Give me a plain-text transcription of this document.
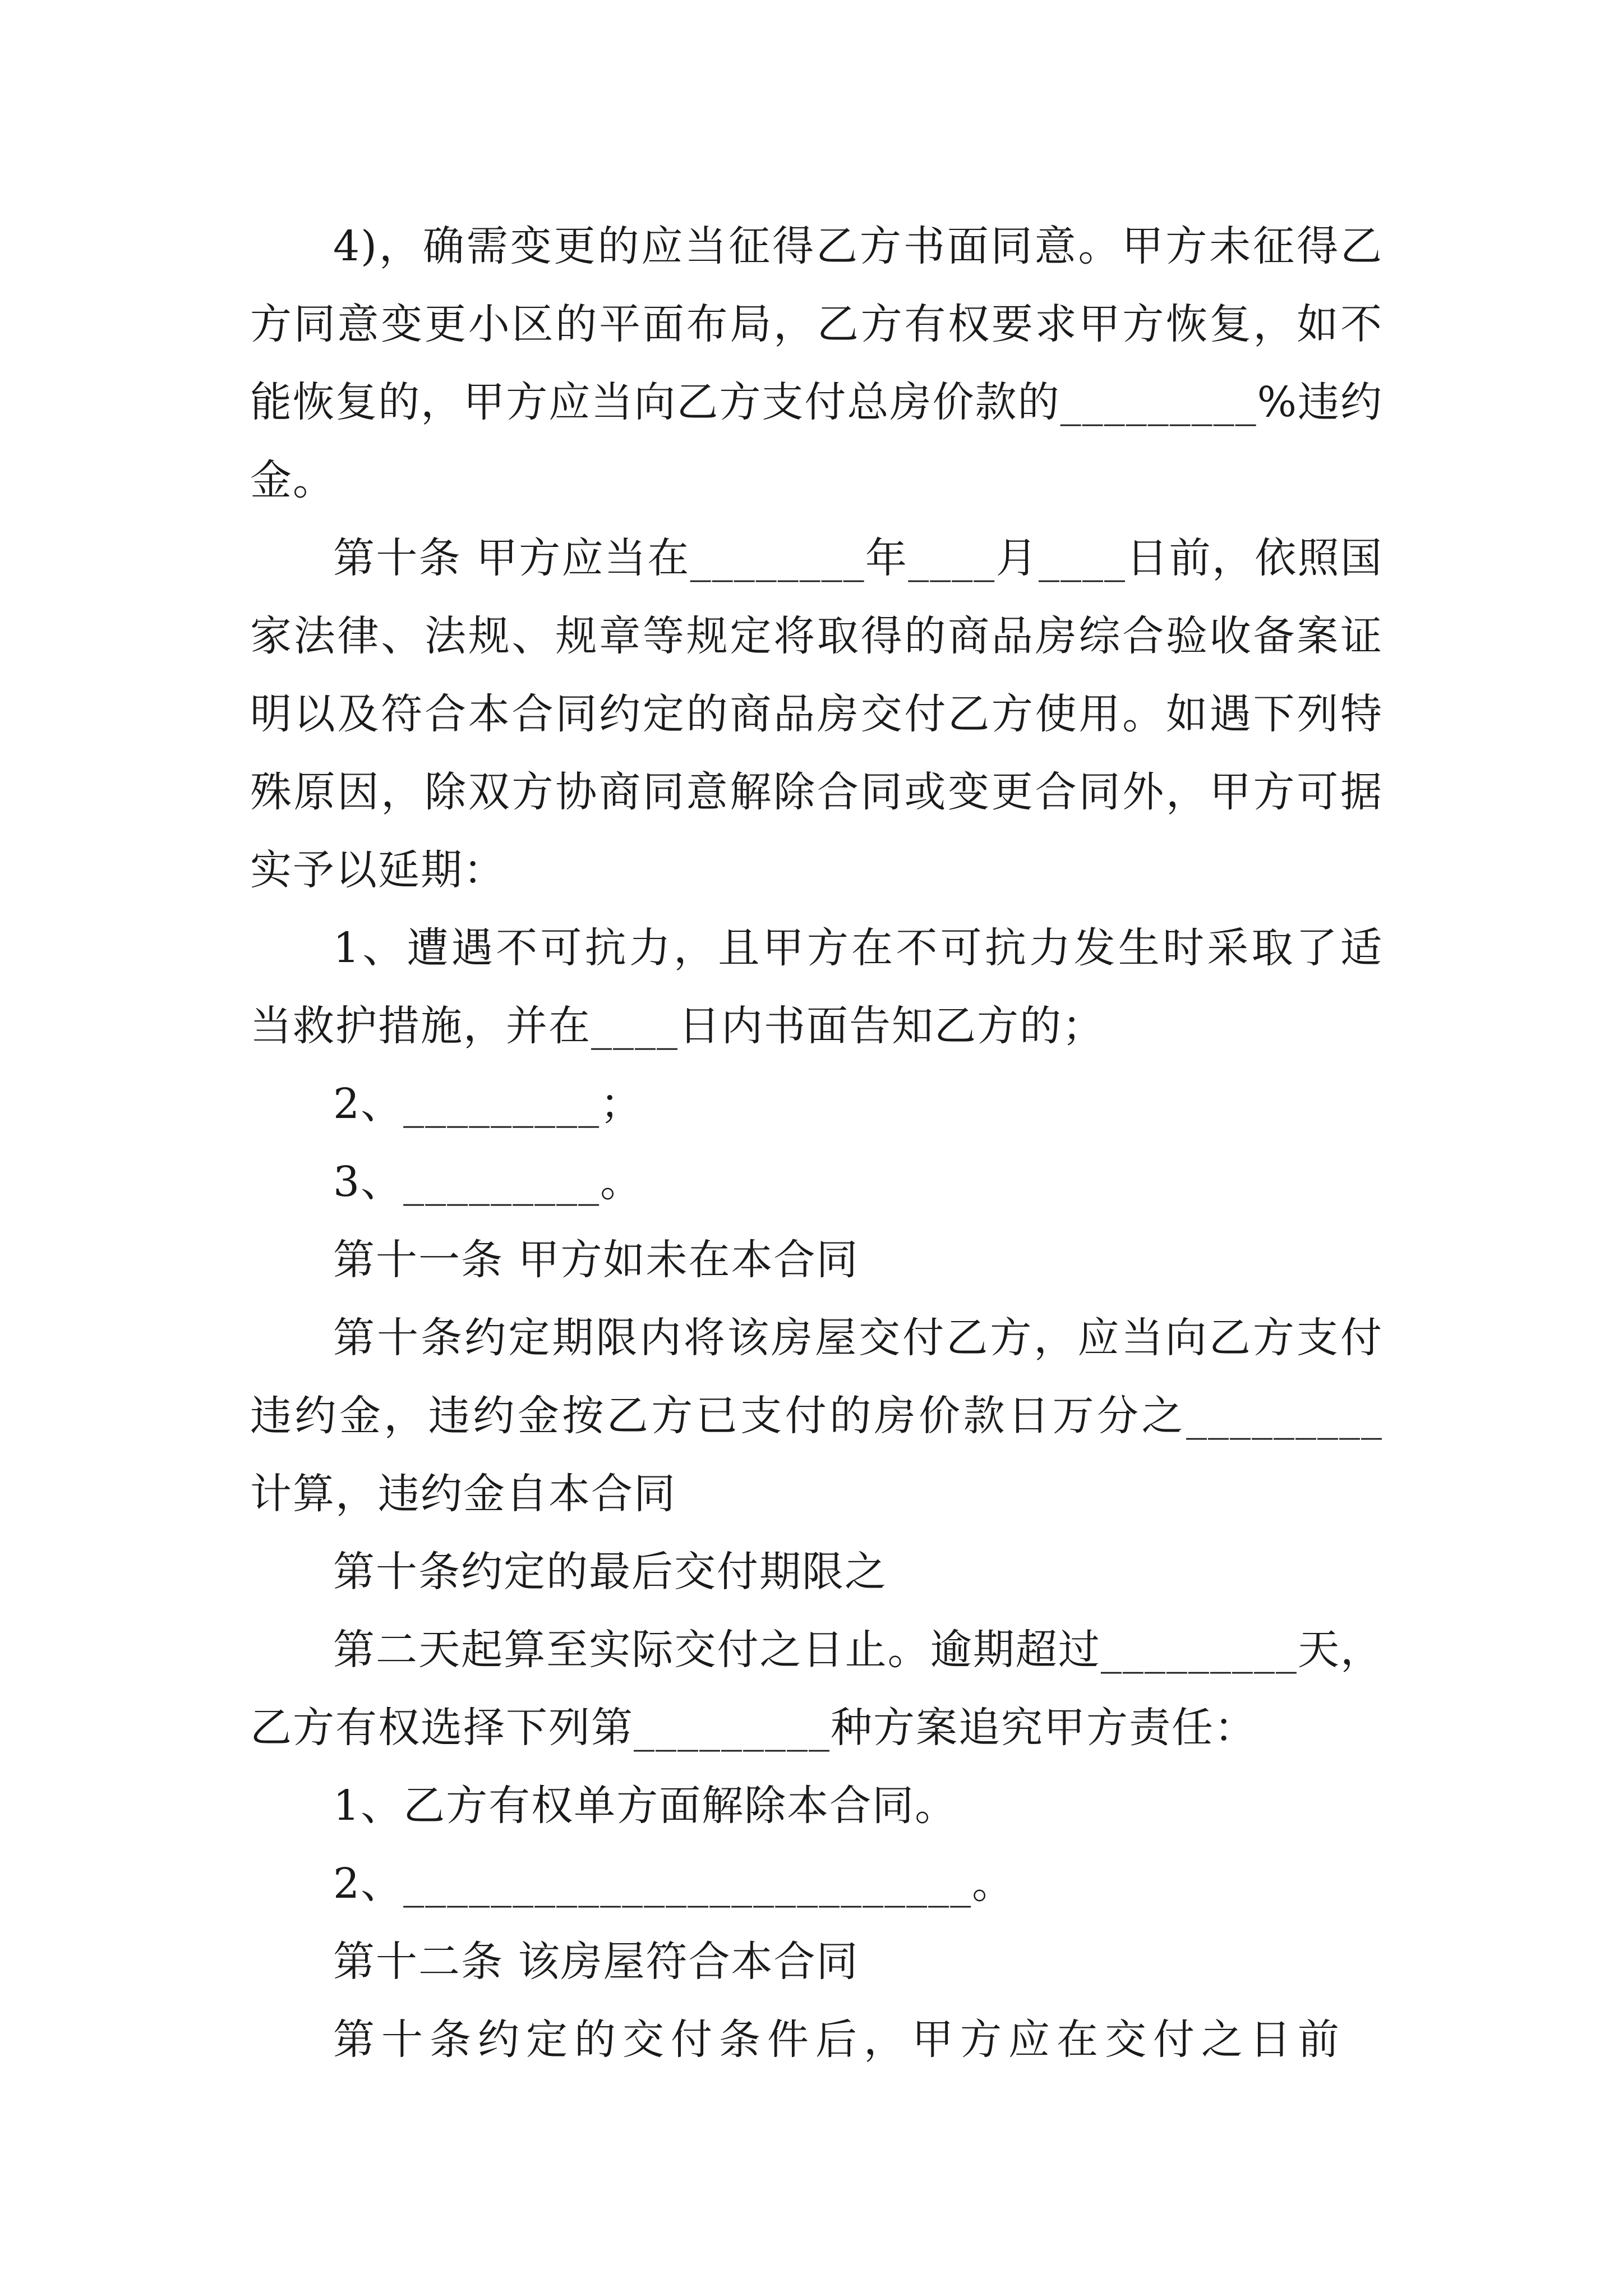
4)，确需变更的应当征得乙方书面同意。甲方未征得乙方同意变更小区的平面布局，乙方有权要求甲方恢复，如不能恢复的，甲方应当向乙方支付总房价款的_________%违约金。

第十条 甲方应当在________年____月____日前，依照国家法律、法规、规章等规定将取得的商品房综合验收备案证明以及符合本合同约定的商品房交付乙方使用。如遇下列特殊原因，除双方协商同意解除合同或变更合同外，甲方可据实予以延期：

1、遭遇不可抗力，且甲方在不可抗力发生时采取了适当救护措施，并在____日内书面告知乙方的；

2、_________；

3、_________。

第十一条 甲方如未在本合同

第十条约定期限内将该房屋交付乙方，应当向乙方支付违约金，违约金按乙方已支付的房价款日万分之_________计算，违约金自本合同

第十条约定的最后交付期限之

第二天起算至实际交付之日止。逾期超过_________天，乙方有权选择下列第_________种方案追究甲方责任：

1、乙方有权单方面解除本合同。

2、__________________________。

第十二条 该房屋符合本合同

第十条约定的交付条件后，甲方应在交付之日前
